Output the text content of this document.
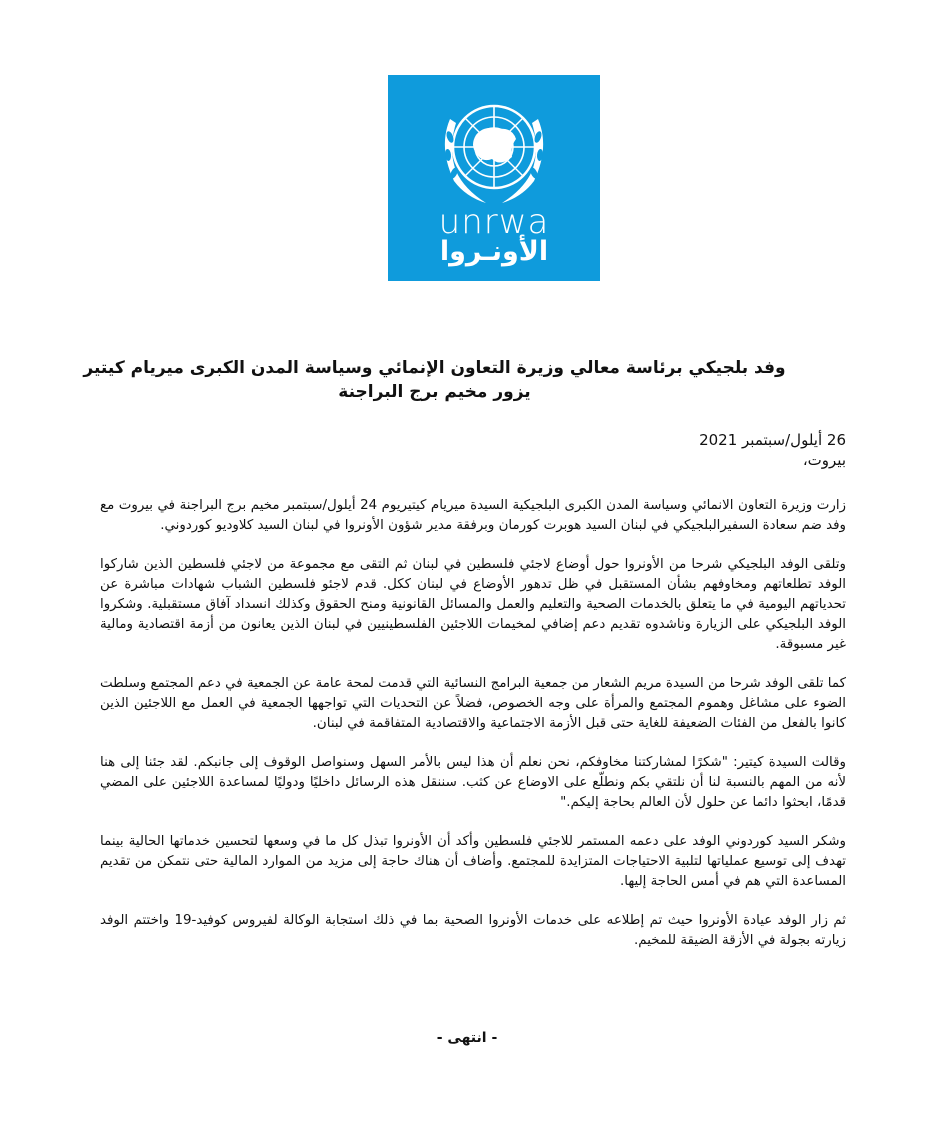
unrwa
الأونـروا
وفد بلجيكي برئاسة معالي وزيرة التعاون الإنمائي وسياسة المدن الكبرى ميريام كيتير
يزور مخيم برج البراجنة
26 أيلول/سبتمبر 2021
بيروت،

زارت وزيرة التعاون الانمائي وسياسة المدن الكبرى البلجيكية السيدة ميريام كيتيريوم 24 أيلول/سبتمبر مخيم برج البراجنة في بيروت مع وفد ضم سعادة السفيرالبلجيكي في لبنان السيد هوبرت كورمان وبرفقة مدير شؤون الأونروا في لبنان السيد كلاوديو كوردوني.

وتلقى الوفد البلجيكي شرحا من الأونروا حول أوضاع لاجئي فلسطين في لبنان ثم التقى مع مجموعة من لاجئي فلسطين الذين شاركوا الوفد تطلعاتهم ومخاوفهم بشأن المستقبل في ظل تدهور الأوضاع في لبنان ككل. قدم لاجئو فلسطين الشباب شهادات مباشرة عن تحدياتهم اليومية في ما يتعلق بالخدمات الصحية والتعليم والعمل والمسائل القانونية ومنح الحقوق وكذلك انسداد آفاق مستقبلية. وشكروا الوفد البلجيكي على الزيارة وناشدوه تقديم دعم إضافي لمخيمات اللاجئين الفلسطينيين في لبنان الذين يعانون من أزمة اقتصادية ومالية غير مسبوقة.

كما تلقى الوفد شرحا من السيدة مريم الشعار من جمعية البرامج النسائية التي قدمت لمحة عامة عن الجمعية في دعم المجتمع وسلطت الضوء على مشاغل وهموم المجتمع والمرأة على وجه الخصوص، فضلاً عن التحديات التي تواجهها الجمعية في العمل مع اللاجئين الذين كانوا بالفعل من الفئات الضعيفة للغاية حتى قبل الأزمة الاجتماعية والاقتصادية المتفاقمة في لبنان.

وقالت السيدة كيتير: "شكرًا لمشاركتنا مخاوفكم، نحن نعلم أن هذا ليس بالأمر السهل وسنواصل الوقوف إلى جانبكم. لقد جئنا إلى هنا لأنه من المهم بالنسبة لنا أن نلتقي بكم ونطلّع على الاوضاع عن كثب. سننقل هذه الرسائل داخليًا ودوليًا لمساعدة اللاجئين على المضي قدمًا، ابحثوا دائما عن حلول لأن العالم بحاجة إليكم."

وشكر السيد كوردوني الوفد على دعمه المستمر للاجئي فلسطين وأكد أن الأونروا تبذل كل ما في وسعها لتحسين خدماتها الحالية بينما تهدف إلى توسيع عملياتها لتلبية الاحتياجات المتزايدة للمجتمع. وأضاف أن هناك حاجة إلى مزيد من الموارد المالية حتى نتمكن من تقديم المساعدة التي هم في أمس الحاجة إليها.

ثم زار الوفد عيادة الأونروا حيث تم إطلاعه على خدمات الأونروا الصحية بما في ذلك استجابة الوكالة لفيروس كوفيد-19 واختتم الوفد زيارته بجولة في الأزقة الضيقة للمخيم.

- انتهى -
